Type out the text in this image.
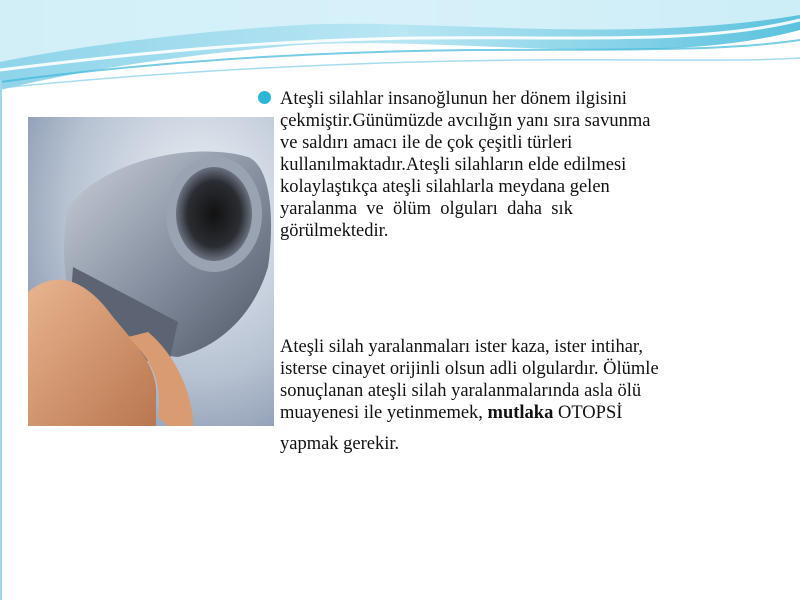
Ateşli silahlar insanoğlunun her dönem ilgisini
çekmiştir.Günümüzde avcılığın yanı sıra savunma
ve saldırı amacı ile de çok çeşitli türleri
kullanılmaktadır.Ateşli silahların elde edilmesi
kolaylaştıkça ateşli silahlarla meydana gelen
yaralanma  ve  ölüm  olguları  daha  sık
görülmektedir.

Ateşli silah yaralanmaları ister kaza, ister intihar,
isterse cinayet orijinli olsun adli olgulardır. Ölümle
sonuçlanan ateşli silah yaralanmalarında asla ölü
muayenesi ile yetinmemek, mutlaka OTOPSİ
yapmak gerekir.
